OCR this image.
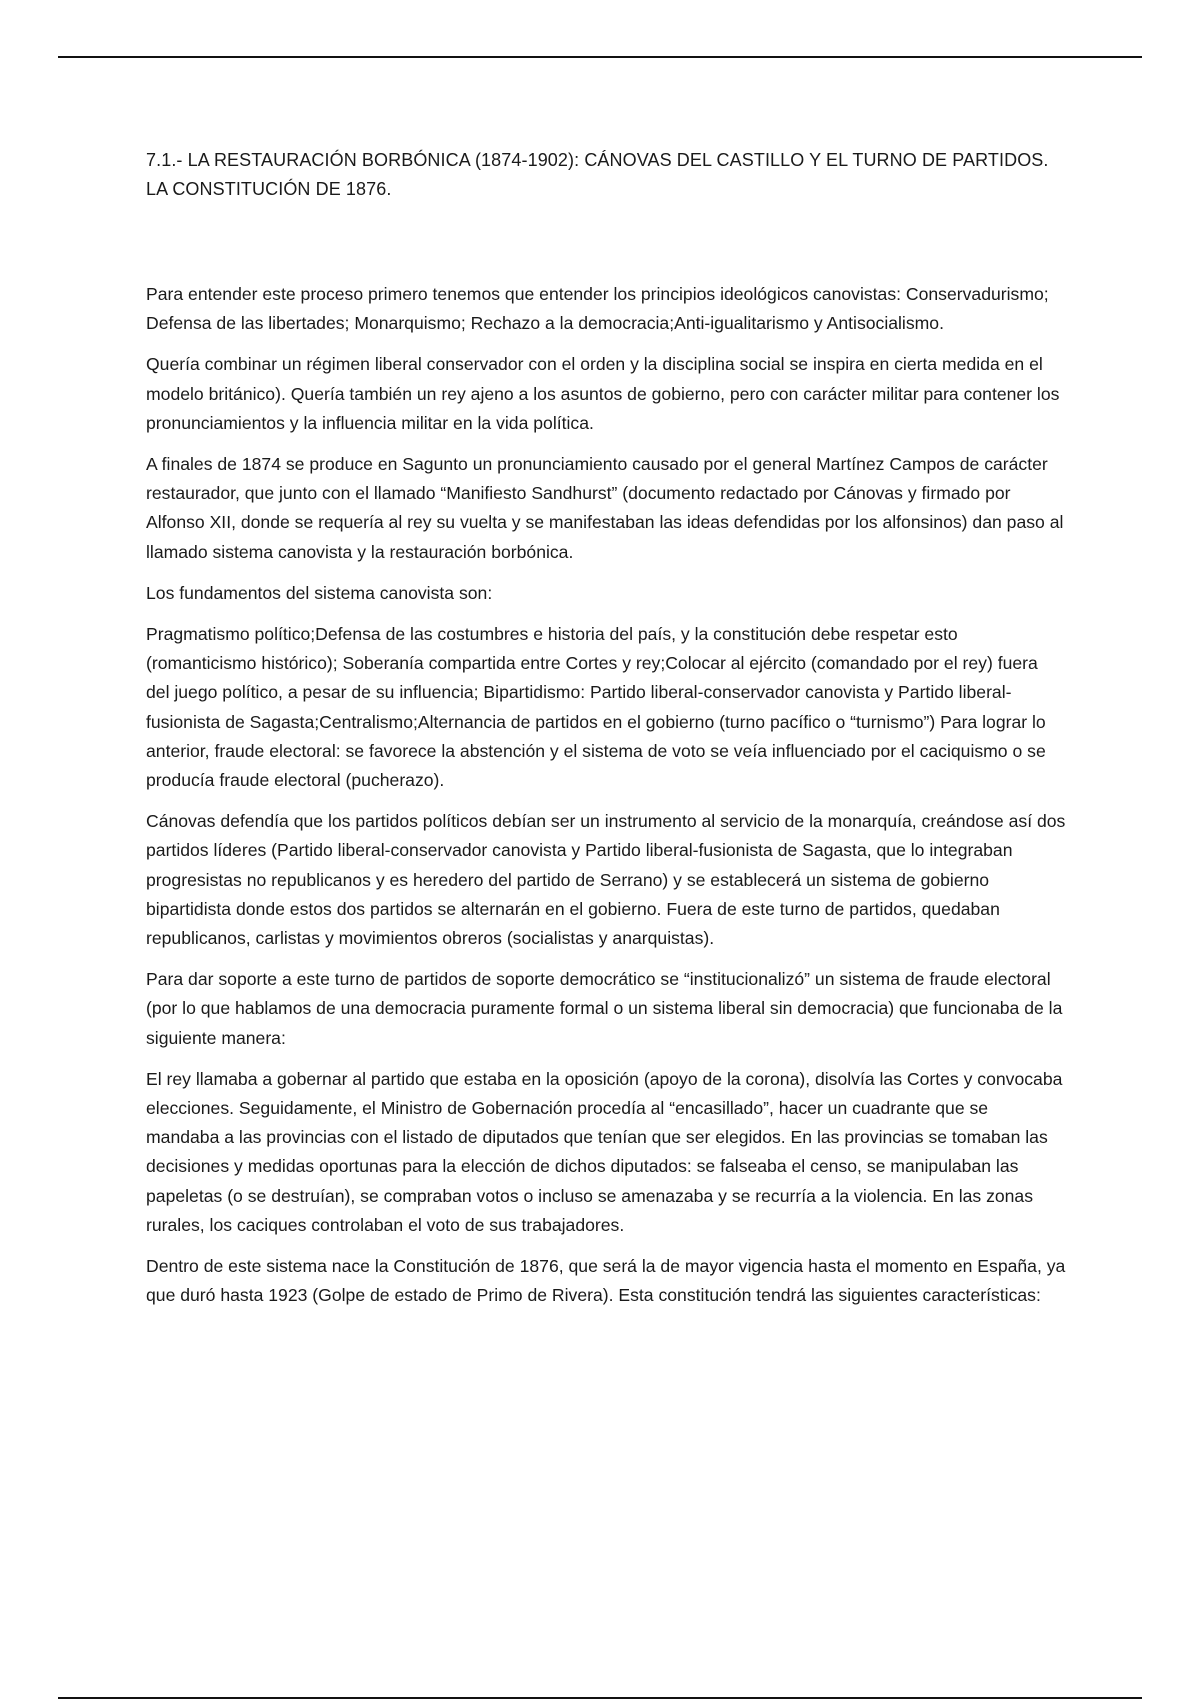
7.1.- LA RESTAURACIÓN BORBÓNICA (1874-1902): CÁNOVAS DEL CASTILLO Y EL TURNO DE PARTIDOS. LA CONSTITUCIÓN DE 1876.

Para entender este proceso primero tenemos que entender los principios ideológicos canovistas: Conservadurismo; Defensa de las libertades; Monarquismo; Rechazo a la democracia;Anti-igualitarismo y Antisocialismo.

Quería combinar un régimen liberal conservador con el orden y la disciplina social se inspira en cierta medida en el modelo británico). Quería también un rey ajeno a los asuntos de gobierno, pero con carácter militar para contener los pronunciamientos y la influencia militar en la vida política.

A finales de 1874 se produce en Sagunto un pronunciamiento causado por el general Martínez Campos de carácter restaurador, que junto con el llamado “Manifiesto Sandhurst” (documento redactado por Cánovas y firmado por Alfonso XII, donde se requería al rey su vuelta y se manifestaban las ideas defendidas por los alfonsinos) dan paso al llamado sistema canovista y la restauración borbónica.

Los fundamentos del sistema canovista son:

Pragmatismo político;Defensa de las costumbres e historia del país, y la constitución debe respetar esto (romanticismo histórico); Soberanía compartida entre Cortes y rey;Colocar al ejército (comandado por el rey) fuera del juego político, a pesar de su influencia; Bipartidismo: Partido liberal-conservador canovista y Partido liberal-fusionista de Sagasta;Centralismo;Alternancia de partidos en el gobierno (turno pacífico o “turnismo”) Para lograr lo anterior, fraude electoral: se favorece la abstención y el sistema de voto se veía influenciado por el caciquismo o se producía fraude electoral (pucherazo).

Cánovas defendía que los partidos políticos debían ser un instrumento al servicio de la monarquía, creándose así dos partidos líderes (Partido liberal-conservador canovista y Partido liberal-fusionista de Sagasta, que lo integraban progresistas no republicanos y es heredero del partido de Serrano) y se establecerá un sistema de gobierno bipartidista donde estos dos partidos se alternarán en el gobierno. Fuera de este turno de partidos, quedaban republicanos, carlistas y movimientos obreros (socialistas y anarquistas).

Para dar soporte a este turno de partidos de soporte democrático se “institucionalizó” un sistema de fraude electoral (por lo que hablamos de una democracia puramente formal o un sistema liberal sin democracia) que funcionaba de la siguiente manera:

El rey llamaba a gobernar al partido que estaba en la oposición (apoyo de la corona), disolvía las Cortes y convocaba elecciones. Seguidamente, el Ministro de Gobernación procedía al “encasillado”, hacer un cuadrante que se mandaba a las provincias con el listado de diputados que tenían que ser elegidos. En las provincias se tomaban las decisiones y medidas oportunas para la elección de dichos diputados: se falseaba el censo, se manipulaban las papeletas (o se destruían), se compraban votos o incluso se amenazaba y se recurría a la violencia. En las zonas rurales, los caciques controlaban el voto de sus trabajadores.

Dentro de este sistema nace la Constitución de 1876, que será la de mayor vigencia hasta el momento en España, ya que duró hasta 1923 (Golpe de estado de Primo de Rivera). Esta constitución tendrá las siguientes características:
